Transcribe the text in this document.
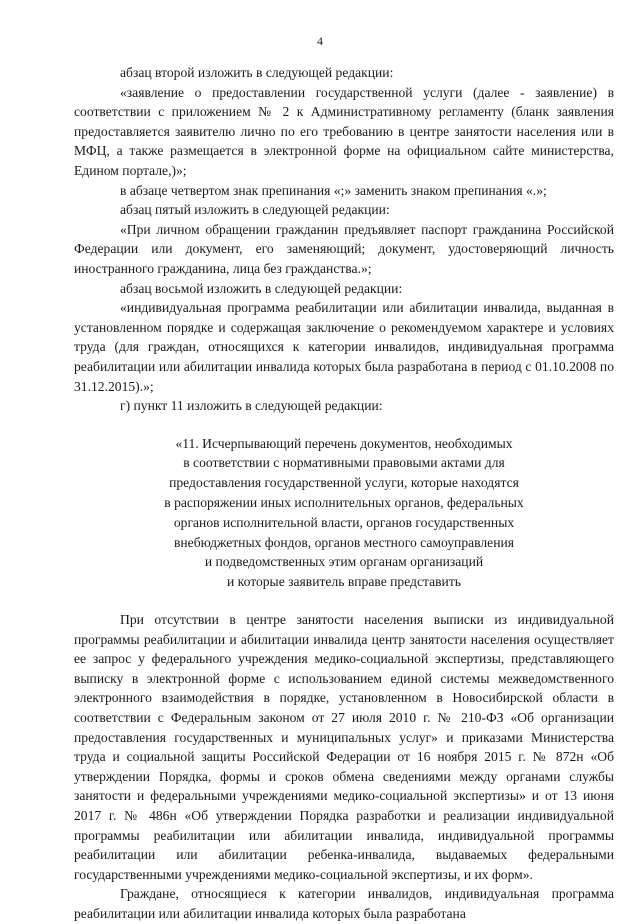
4

абзац второй изложить в следующей редакции:

«заявление о предоставлении государственной услуги (далее - заявление) в соответствии с приложением № 2 к Административному регламенту (бланк заявления предоставляется заявителю лично по его требованию в центре занятости населения или в МФЦ, а также размещается в электронной форме на официальном сайте министерства, Едином портале,)»;

в абзаце четвертом знак препинания «;» заменить знаком препинания «.»;

абзац пятый изложить в следующей редакции:

«При личном обращении гражданин предъявляет паспорт гражданина Российской Федерации или документ, его заменяющий; документ, удостоверяющий личность иностранного гражданина, лица без гражданства.»;

абзац восьмой изложить в следующей редакции:

«индивидуальная программа реабилитации или абилитации инвалида, выданная в установленном порядке и содержащая заключение о рекомендуемом характере и условиях труда (для граждан, относящихся к категории инвалидов, индивидуальная программа реабилитации или абилитации инвалида которых была разработана в период с 01.10.2008 по 31.12.2015).»;

г) пункт 11 изложить в следующей редакции:

«11. Исчерпывающий перечень документов, необходимых

в соответствии с нормативными правовыми актами для

предоставления государственной услуги, которые находятся

в распоряжении иных исполнительных органов, федеральных

органов исполнительной власти, органов государственных

внебюджетных фондов, органов местного самоуправления

и подведомственных этим органам организаций

и которые заявитель вправе представить

При отсутствии в центре занятости населения выписки из индивидуальной программы реабилитации и абилитации инвалида центр занятости населения осуществляет ее запрос у федерального учреждения медико-социальной экспертизы, представляющего выписку в электронной форме с использованием единой системы межведомственного электронного взаимодействия в порядке, установленном в Новосибирской области в соответствии с Федеральным законом от 27 июля 2010 г. № 210-ФЗ «Об организации предоставления государственных и муниципальных услуг» и приказами Министерства труда и социальной защиты Российской Федерации от 16 ноября 2015 г. № 872н «Об утверждении Порядка, формы и сроков обмена сведениями между органами службы занятости и федеральными учреждениями медико-социальной экспертизы» и от 13 июня 2017 г. № 486н «Об утверждении Порядка разработки и реализации индивидуальной программы реабилитации или абилитации инвалида, индивидуальной программы реабилитации или абилитации ребенка-инвалида, выдаваемых федеральными государственными учреждениями медико-социальной экспертизы, и их форм».

Граждане, относящиеся к категории инвалидов, индивидуальная программа реабилитации или абилитации инвалида которых была разработана
